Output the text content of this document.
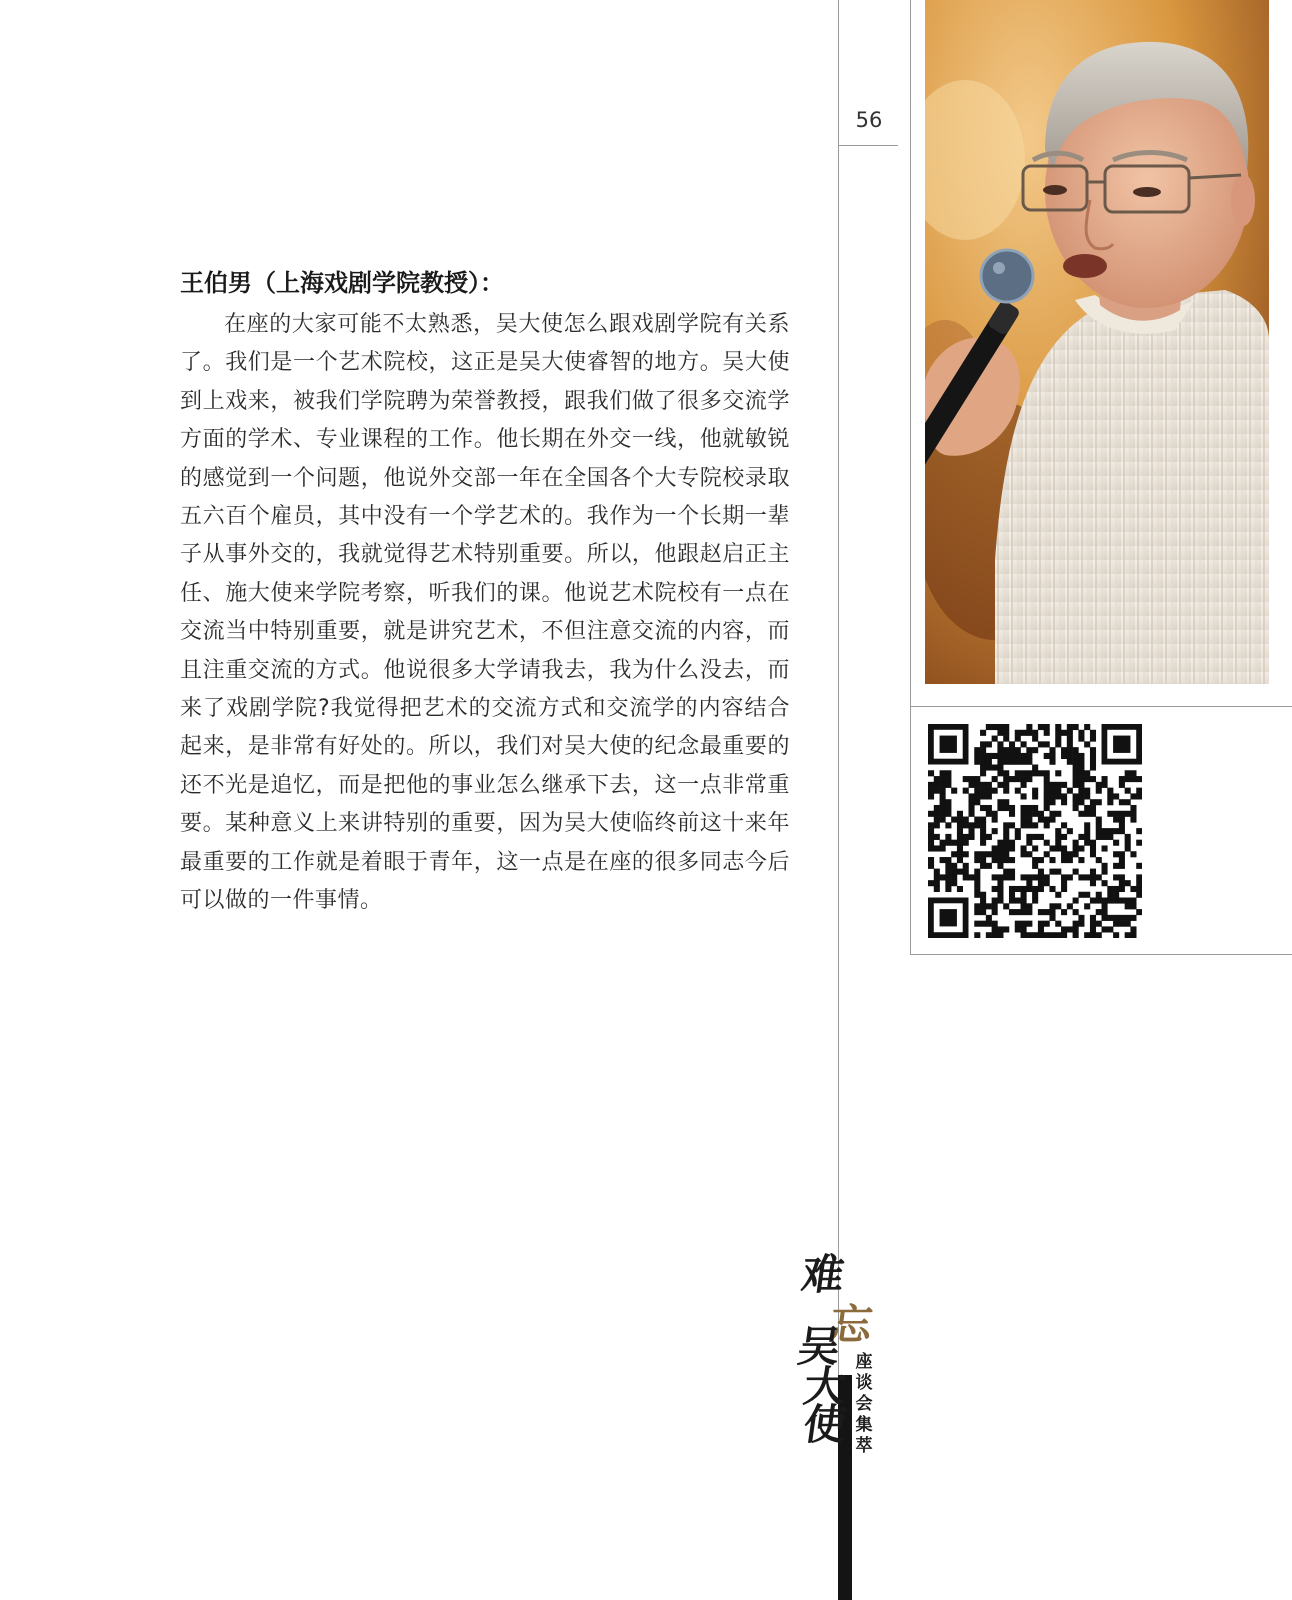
56
王伯男（上海戏剧学院教授）：

在座的大家可能不太熟悉，吴大使怎么跟戏剧学院有关系了。我们是一个艺术院校，这正是吴大使睿智的地方。吴大使到上戏来，被我们学院聘为荣誉教授，跟我们做了很多交流学方面的学术、专业课程的工作。他长期在外交一线，他就敏锐的感觉到一个问题，他说外交部一年在全国各个大专院校录取五六百个雇员，其中没有一个学艺术的。我作为一个长期一辈子从事外交的，我就觉得艺术特别重要。所以，他跟赵启正主任、施大使来学院考察，听我们的课。他说艺术院校有一点在交流当中特别重要，就是讲究艺术，不但注意交流的内容，而且注重交流的方式。他说很多大学请我去，我为什么没去，而来了戏剧学院?我觉得把艺术的交流方式和交流学的内容结合起来，是非常有好处的。所以，我们对吴大使的纪念最重要的还不光是追忆，而是把他的事业怎么继承下去，这一点非常重要。某种意义上来讲特别的重要，因为吴大使临终前这十来年最重要的工作就是着眼于青年，这一点是在座的很多同志今后可以做的一件事情。

难
忘
吴
大
使
座
谈
会
集
萃
